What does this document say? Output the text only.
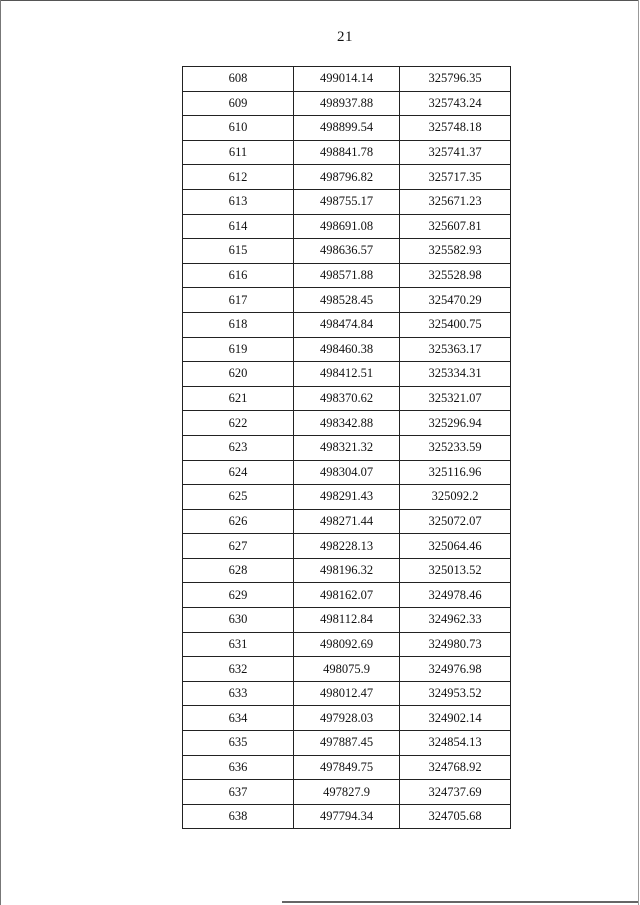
21
608	499014.14	325796.35
609	498937.88	325743.24
610	498899.54	325748.18
611	498841.78	325741.37
612	498796.82	325717.35
613	498755.17	325671.23
614	498691.08	325607.81
615	498636.57	325582.93
616	498571.88	325528.98
617	498528.45	325470.29
618	498474.84	325400.75
619	498460.38	325363.17
620	498412.51	325334.31
621	498370.62	325321.07
622	498342.88	325296.94
623	498321.32	325233.59
624	498304.07	325116.96
625	498291.43	325092.2
626	498271.44	325072.07
627	498228.13	325064.46
628	498196.32	325013.52
629	498162.07	324978.46
630	498112.84	324962.33
631	498092.69	324980.73
632	498075.9	324976.98
633	498012.47	324953.52
634	497928.03	324902.14
635	497887.45	324854.13
636	497849.75	324768.92
637	497827.9	324737.69
638	497794.34	324705.68
